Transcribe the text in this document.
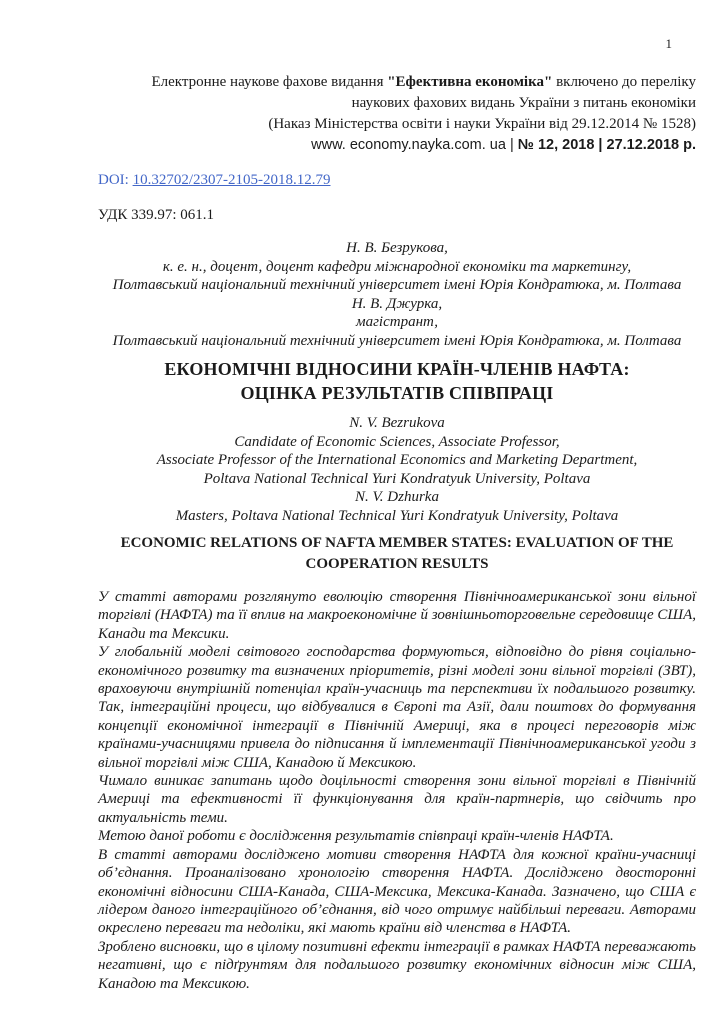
1
Електронне наукове фахове видання "Ефективна економіка" включено до переліку
наукових фахових видань України з питань економіки
(Наказ Міністерства освіти і науки України від 29.12.2014 № 1528)
www. economy.nayka.com. ua | № 12, 2018 | 27.12.2018 р.
DOI: 10.32702/2307-2105-2018.12.79
УДК 339.97: 061.1
Н. В. Безрукова,
к. е. н., доцент, доцент кафедри міжнародної економіки та маркетингу,
Полтавський національний технічний університет імені Юрія Кондратюка, м. Полтава
Н. В. Джурка,
магістрант,
Полтавський національний технічний університет імені Юрія Кондратюка, м. Полтава
ЕКОНОМІЧНІ ВІДНОСИНИ КРАЇН-ЧЛЕНІВ НАФТА:
ОЦІНКА РЕЗУЛЬТАТІВ СПІВПРАЦІ
N. V. Bezrukova
Candidate of Economic Sciences, Associate Professor,
Associate Professor of the International Economics and Marketing Department,
Poltava National Technical Yuri Kondratyuk University, Poltava
N. V. Dzhurka
Masters, Poltava National Technical Yuri Kondratyuk University, Poltava
ECONOMIC RELATIONS OF NAFTA MEMBER STATES: EVALUATION OF THE
COOPERATION RESULTS

У статті авторами розглянуто еволюцію створення Північноамериканської зони вільної торгівлі (НАФТА) та її вплив на макроекономічне й зовнішньоторговельне середовище США, Канади та Мексики.

У глобальній моделі світового господарства формуються, відповідно до рівня соціально-економічного розвитку та визначених пріоритетів, різні моделі зони вільної торгівлі (ЗВТ), враховуючи внутрішній потенціал країн-учасниць та перспективи їх подальшого розвитку. Так, інтеграційні процеси, що відбувалися в Європі та Азії, дали поштовх до формування концепції економічної інтеграції в Північній Америці, яка в процесі переговорів між країнами-учасницями привела до підписання й імплементації Північноамериканської угоди з вільної торгівлі між США, Канадою й Мексикою.

Чимало виникає запитань щодо доцільності створення зони вільної торгівлі в Північній Америці та ефективності її функціонування для країн-партнерів, що свідчить про актуальність теми.

Метою даної роботи є дослідження результатів співпраці країн-членів НАФТА.

В статті авторами досліджено мотиви створення НАФТА для кожної країни-учасниці об’єднання. Проаналізовано хронологію створення НАФТА. Досліджено двосторонні економічні відносини США-Канада, США-Мексика, Мексика-Канада. Зазначено, що США є лідером даного інтеграційного об’єднання, від чого отримує найбільші переваги. Авторами окреслено переваги та недоліки, які мають країни від членства в НАФТА.

Зроблено висновки, що в цілому позитивні ефекти інтеграції в рамках НАФТА переважають негативні, що є підґрунтям для подальшого розвитку економічних відносин між США, Канадою та Мексикою.
